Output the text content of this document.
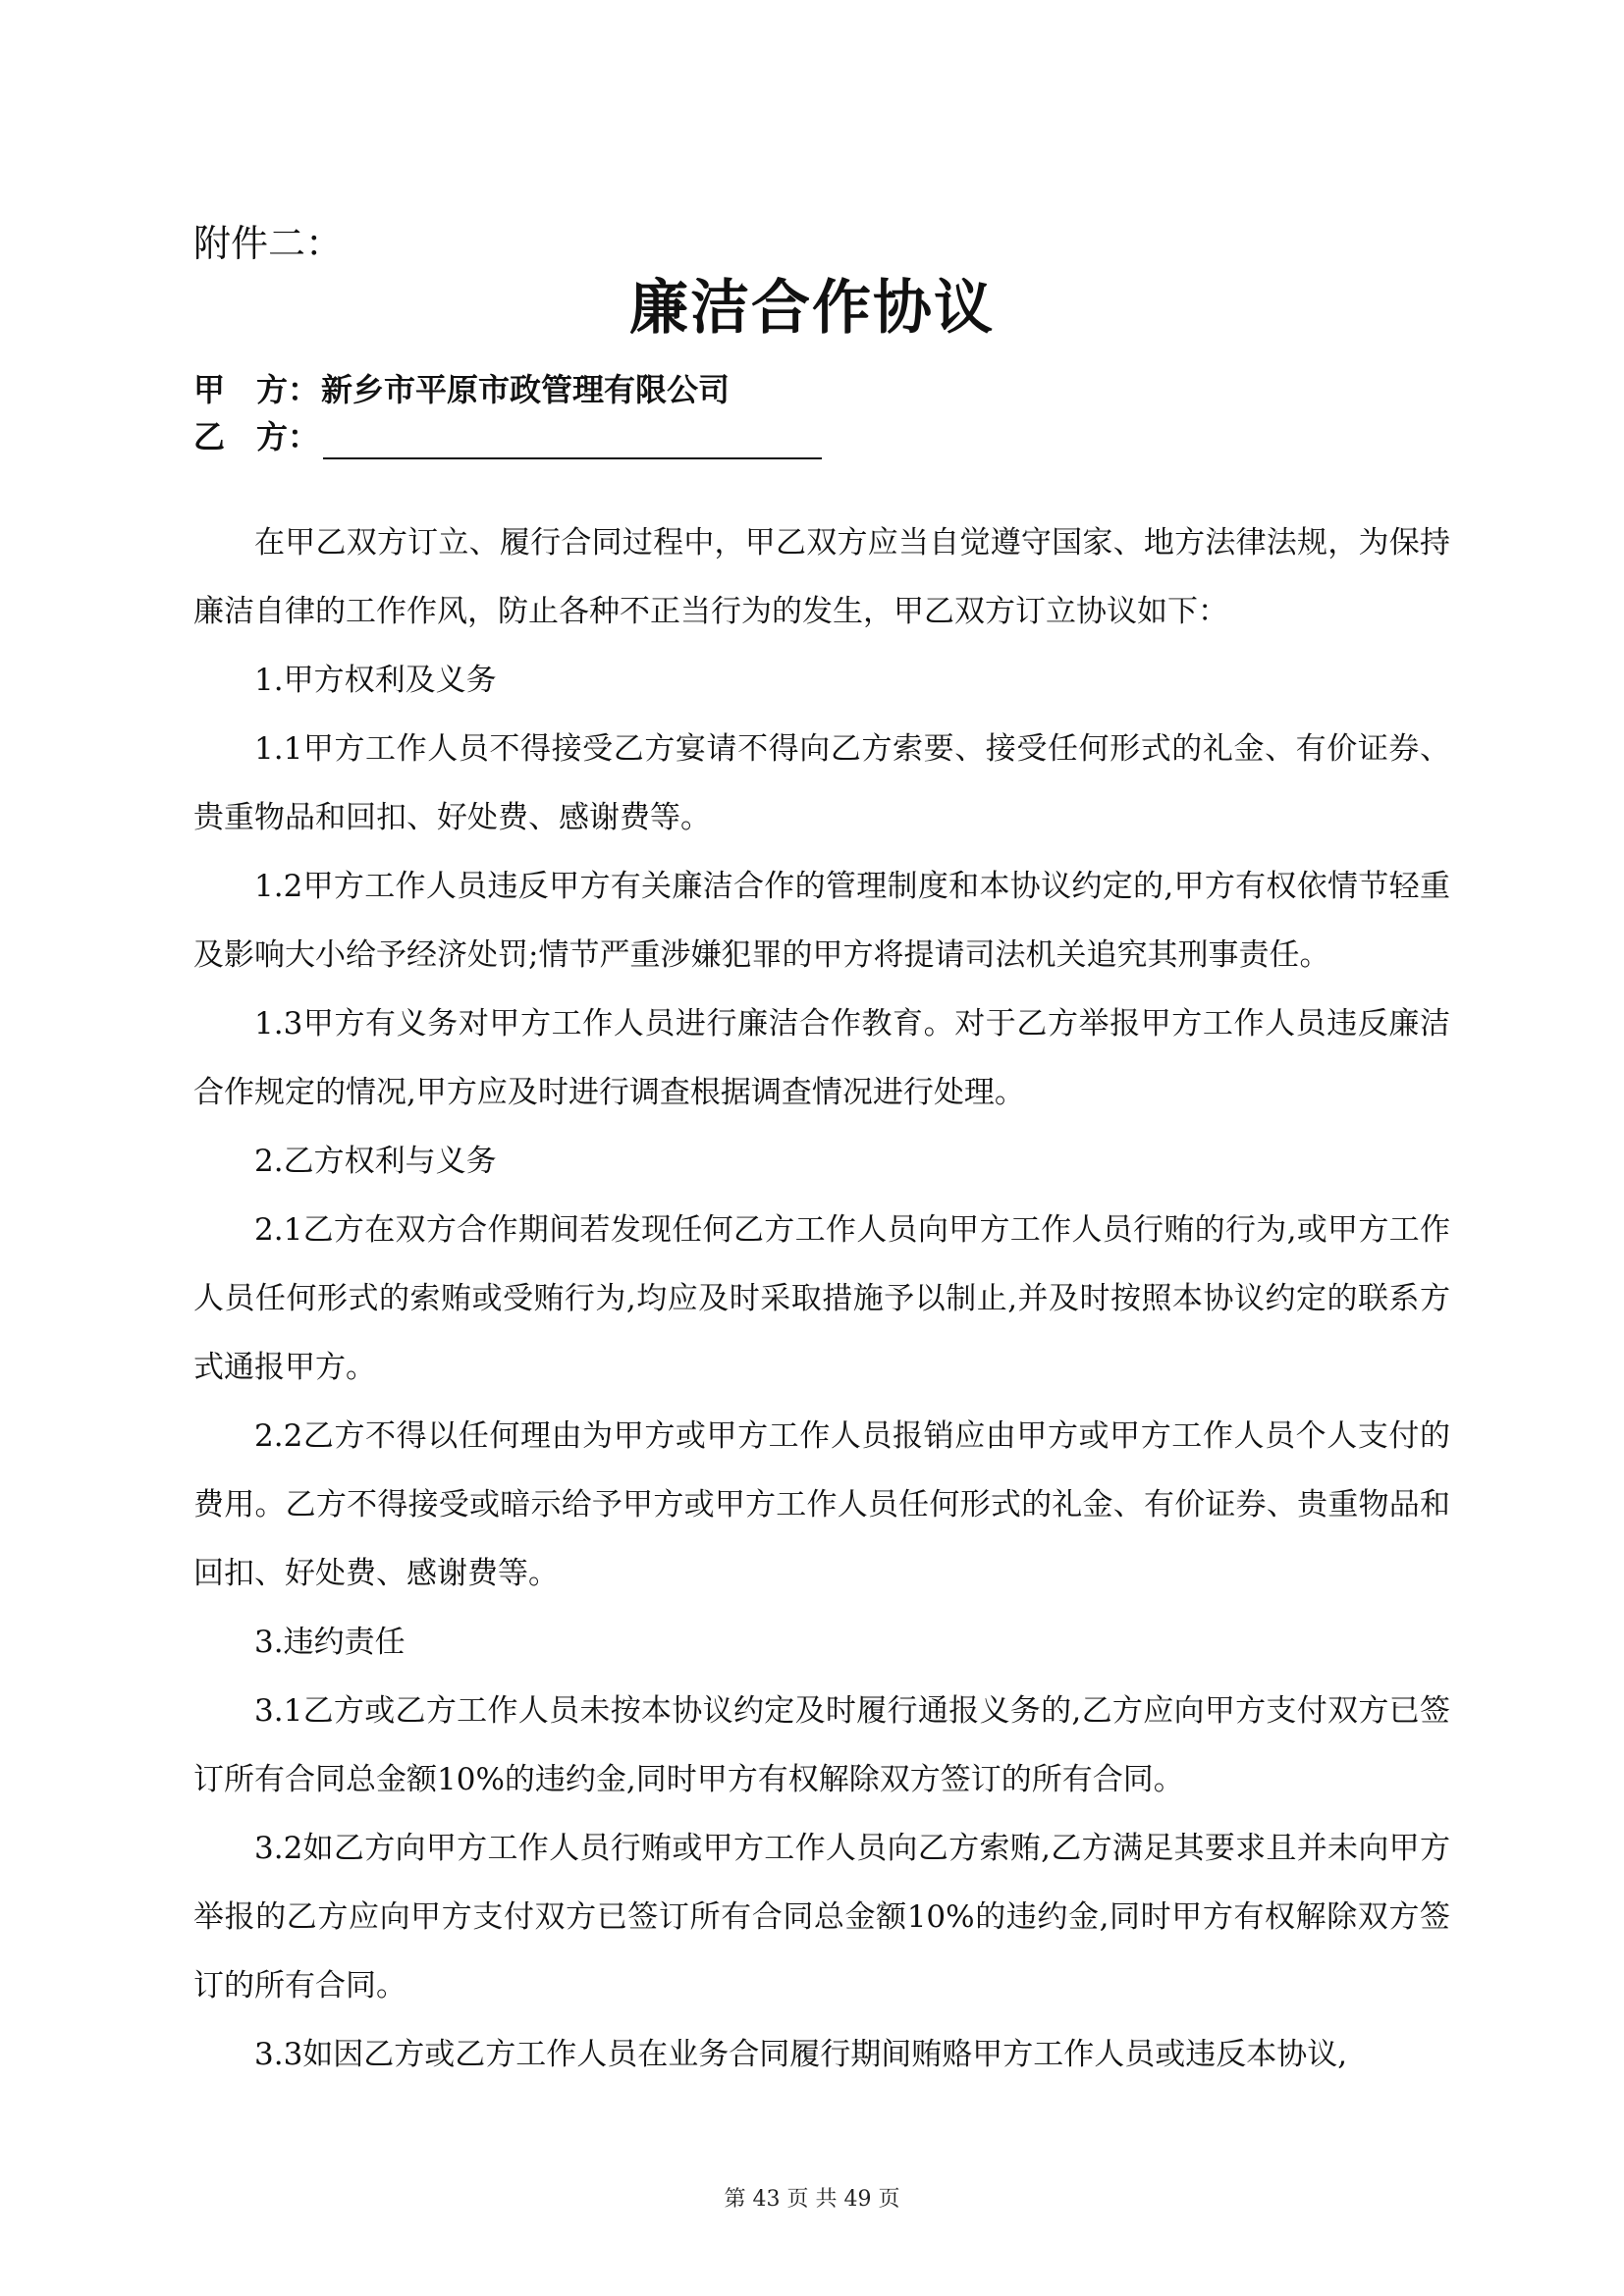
附件二：
廉洁合作协议
甲　方：新乡市平原市政管理有限公司
乙　方：

在甲乙双方订立、履行合同过程中，甲乙双方应当自觉遵守国家、地方法律法规，为保持廉洁自律的工作作风，防止各种不正当行为的发生，甲乙双方订立协议如下：

1.甲方权利及义务

1.1甲方工作人员不得接受乙方宴请不得向乙方索要、接受任何形式的礼金、有价证券、贵重物品和回扣、好处费、感谢费等。

1.2甲方工作人员违反甲方有关廉洁合作的管理制度和本协议约定的,甲方有权依情节轻重及影响大小给予经济处罚;情节严重涉嫌犯罪的甲方将提请司法机关追究其刑事责任。

1.3甲方有义务对甲方工作人员进行廉洁合作教育。对于乙方举报甲方工作人员违反廉洁合作规定的情况,甲方应及时进行调查根据调查情况进行处理。

2.乙方权利与义务

2.1乙方在双方合作期间若发现任何乙方工作人员向甲方工作人员行贿的行为,或甲方工作人员任何形式的索贿或受贿行为,均应及时采取措施予以制止,并及时按照本协议约定的联系方式通报甲方。

2.2乙方不得以任何理由为甲方或甲方工作人员报销应由甲方或甲方工作人员个人支付的费用。乙方不得接受或暗示给予甲方或甲方工作人员任何形式的礼金、有价证券、贵重物品和回扣、好处费、感谢费等。

3.违约责任

3.1乙方或乙方工作人员未按本协议约定及时履行通报义务的,乙方应向甲方支付双方已签订所有合同总金额10%的违约金,同时甲方有权解除双方签订的所有合同。

3.2如乙方向甲方工作人员行贿或甲方工作人员向乙方索贿,乙方满足其要求且并未向甲方举报的乙方应向甲方支付双方已签订所有合同总金额10%的违约金,同时甲方有权解除双方签订的所有合同。

3.3如因乙方或乙方工作人员在业务合同履行期间贿赂甲方工作人员或违反本协议,

第 43 页 共 49 页
